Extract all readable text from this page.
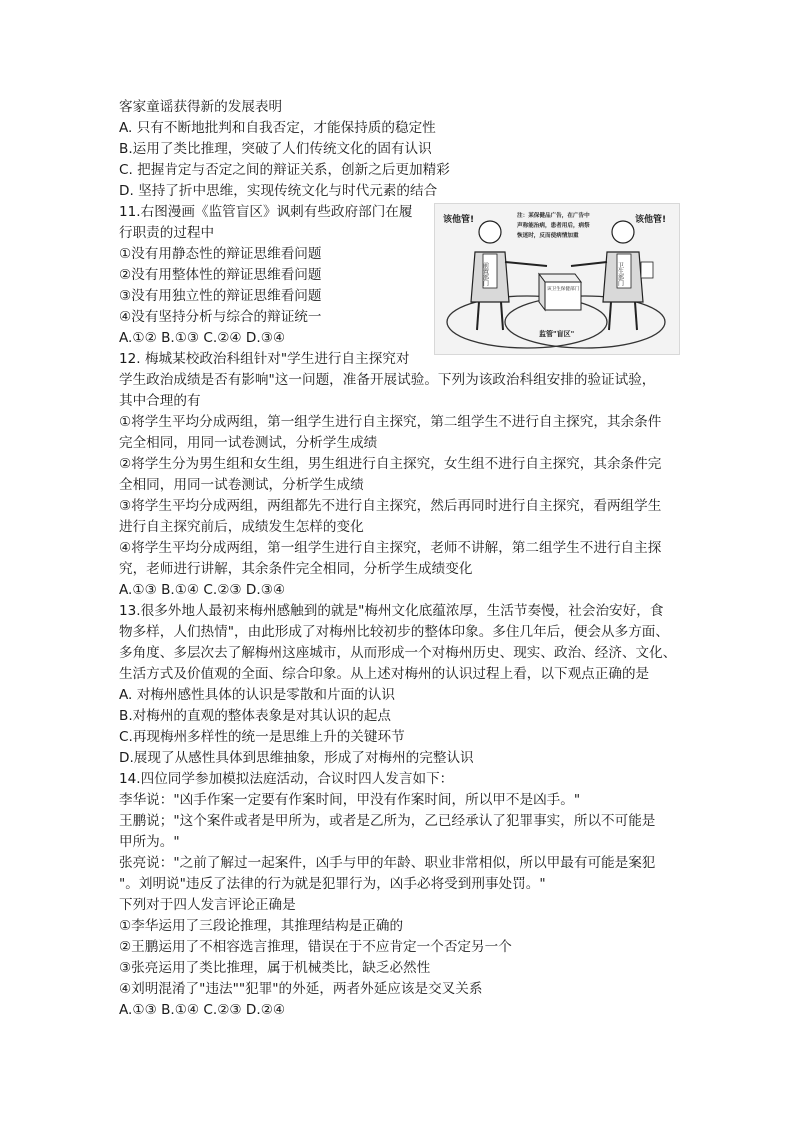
客家童谣获得新的发展表明
A. 只有不断地批判和自我否定，才能保持质的稳定性
B.运用了类比推理，突破了人们传统文化的固有认识
C. 把握肯定与否定之间的辩证关系，创新之后更加精彩
D. 坚持了折中思维，实现传统文化与时代元素的结合
11.右图漫画《监管盲区》讽刺有些政府部门在履
行职责的过程中
①没有用静态性的辩证思维看问题
②没有用整体性的辩证思维看问题
③没有用独立性的辩证思维看问题
④没有坚持分析与综合的辩证统一
A.①② B.①③ C.②④ D.③④
12. 梅城某校政治科组针对"学生进行自主探究对
学生政治成绩是否有影响"这一问题，准备开展试验。下列为该政治科组安排的验证试验，
其中合理的有
①将学生平均分成两组，第一组学生进行自主探究，第二组学生不进行自主探究，其余条件
完全相同，用同一试卷测试，分析学生成绩
②将学生分为男生组和女生组，男生组进行自主探究，女生组不进行自主探究，其余条件完
全相同，用同一试卷测试，分析学生成绩
③将学生平均分成两组，两组都先不进行自主探究，然后再同时进行自主探究，看两组学生
进行自主探究前后，成绩发生怎样的变化
④将学生平均分成两组，第一组学生进行自主探究，老师不讲解，第二组学生不进行自主探
究，老师进行讲解，其余条件完全相同，分析学生成绩变化
A.①③ B.①④ C.②③ D.③④
13.很多外地人最初来梅州感触到的就是"梅州文化底蕴浓厚，生活节奏慢，社会治安好，食
物多样，人们热情"，由此形成了对梅州比较初步的整体印象。多住几年后，便会从多方面、
多角度、多层次去了解梅州这座城市，从而形成一个对梅州历史、现实、政治、经济、文化、
生活方式及价值观的全面、综合印象。从上述对梅州的认识过程上看，以下观点正确的是
A. 对梅州感性具体的认识是零散和片面的认识
B.对梅州的直观的整体表象是对其认识的起点
C.再现梅州多样性的统一是思维上升的关键环节
D.展现了从感性具体到思维抽象，形成了对梅州的完整认识
14.四位同学参加模拟法庭活动，合议时四人发言如下：
李华说："凶手作案一定要有作案时间，甲没有作案时间，所以甲不是凶手。"
王鹏说；"这个案件或者是甲所为，或者是乙所为，乙已经承认了犯罪事实，所以不可能是
甲所为。"
张亮说："之前了解过一起案件，凶手与甲的年龄、职业非常相似，所以甲最有可能是案犯
"。刘明说"违反了法律的行为就是犯罪行为，凶手必将受到刑事处罚。"
下列对于四人发言评论正确是
①李华运用了三段论推理，其推理结构是正确的
②王鹏运用了不相容选言推理，错误在于不应肯定一个否定另一个
③张亮运用了类比推理，属于机械类比，缺乏必然性
④刘明混淆了"违法""犯罪"的外延，两者外延应该是交叉关系
A.①③ B.①④ C.②③ D.②④
前置部门
该他管!
卫生部门
该他管!
注：某保健品广告，在广告中
声称能治病，患者用后，病祭
恢迷时，反而使病情加重
该卫生保健部门
监管"盲区"
